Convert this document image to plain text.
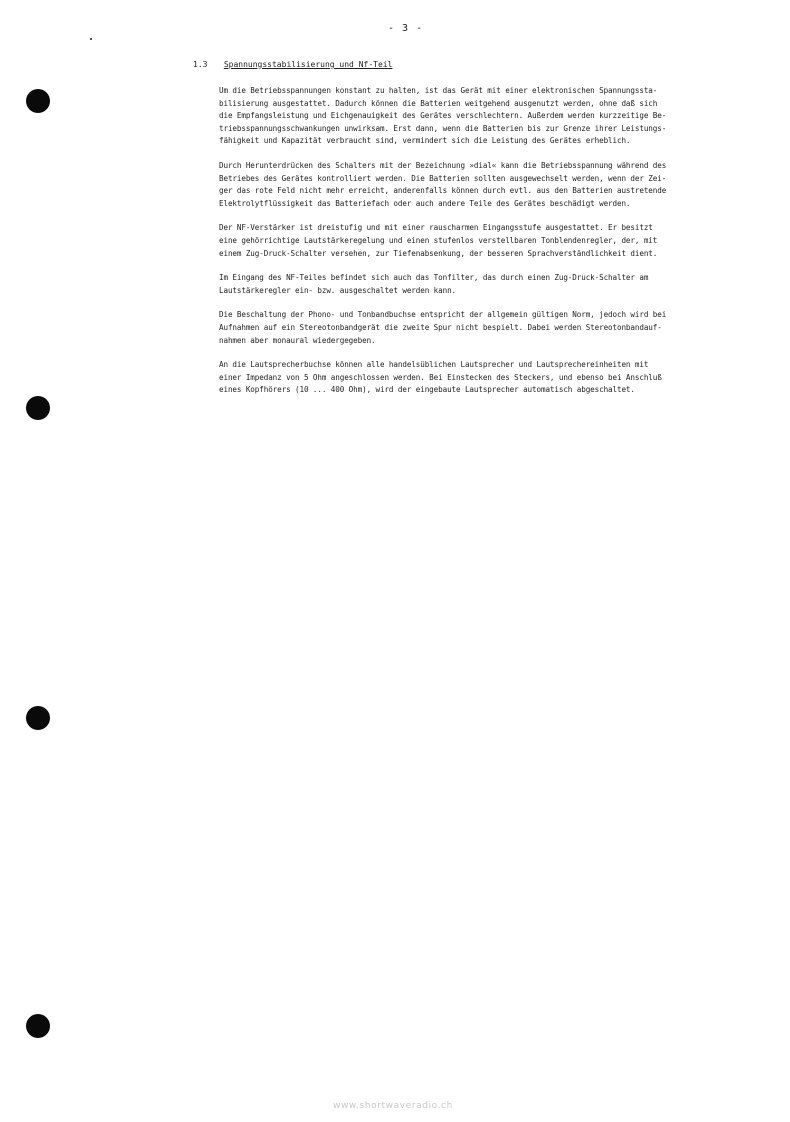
- 3 -
1.3 Spannungsstabilisierung und Nf-Teil

Um die Betriebsspannungen konstant zu halten, ist das Gerät mit einer elektronischen Spannungssta-
bilisierung ausgestattet. Dadurch können die Batterien weitgehend ausgenutzt werden, ohne daß sich
die Empfangsleistung und Eichgenauigkeit des Gerätes verschlechtern. Außerdem werden kurzzeitige Be-
triebsspannungsschwankungen unwirksam. Erst dann, wenn die Batterien bis zur Grenze ihrer Leistungs-
fähigkeit und Kapazität verbraucht sind, vermindert sich die Leistung des Gerätes erheblich.

Durch Herunterdrücken des Schalters mit der Bezeichnung »dial« kann die Betriebsspannung während des
Betriebes des Gerätes kontrolliert werden. Die Batterien sollten ausgewechselt werden, wenn der Zei-
ger das rote Feld nicht mehr erreicht, anderenfalls können durch evtl. aus den Batterien austretende
Elektrolytflüssigkeit das Batteriefach oder auch andere Teile des Gerätes beschädigt werden.

Der NF-Verstärker ist dreistufig und mit einer rauscharmen Eingangsstufe ausgestattet. Er besitzt
eine gehörrichtige Lautstärkeregelung und einen stufenlos verstellbaren Tonblendenregler, der, mit
einem Zug-Druck-Schalter versehen, zur Tiefenabsenkung, der besseren Sprachverständlichkeit dient.

Im Eingang des NF-Teiles befindet sich auch das Tonfilter, das durch einen Zug-Druck-Schalter am
Lautstärkeregler ein- bzw. ausgeschaltet werden kann.

Die Beschaltung der Phono- und Tonbandbuchse entspricht der allgemein gültigen Norm, jedoch wird bei
Aufnahmen auf ein Stereotonbandgerät die zweite Spur nicht bespielt. Dabei werden Stereotonbandauf-
nahmen aber monaural wiedergegeben.

An die Lautsprecherbuchse können alle handelsüblichen Lautsprecher und Lautsprechereinheiten mit
einer Impedanz von 5 Ohm angeschlossen werden. Bei Einstecken des Steckers, und ebenso bei Anschluß
eines Kopfhörers (10 ... 400 Ohm), wird der eingebaute Lautsprecher automatisch abgeschaltet.

www.shortwaveradio.ch
